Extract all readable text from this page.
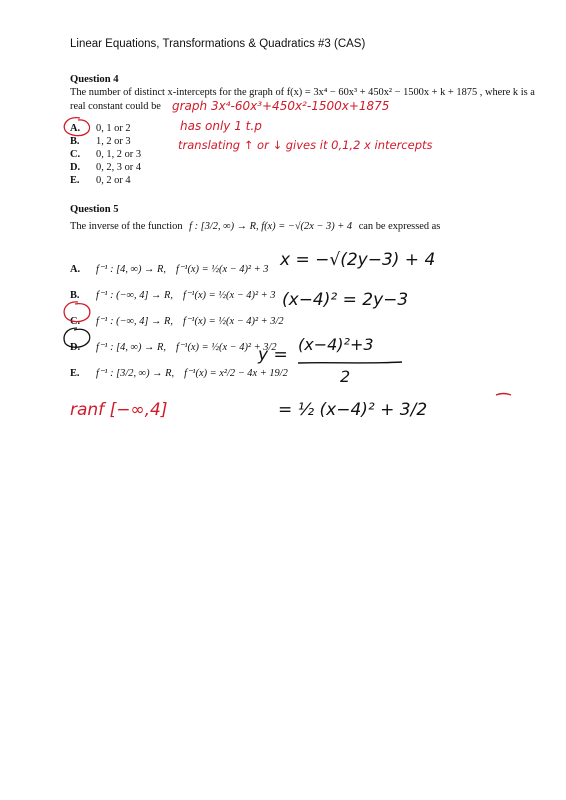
Linear Equations, Transformations & Quadratics #3 (CAS)
Question 4
The number of distinct x-intercepts for the graph of f(x) = 3x⁴ − 60x³ + 450x² − 1500x + k + 1875 , where k is a
real constant could be
A.	0, 1 or 2
B.	1, 2 or 3
C.	0, 1, 2 or 3
D.	0, 2, 3 or 4
E.	0, 2 or 4
graph 3x⁴-60x³+450x²-1500x+1875
has only 1 t.p
translating ↑ or ↓ gives it 0,1,2 x intercepts
Question 5
The inverse of the function f : [3/2, ∞) → R, f(x) = −√(2x − 3) + 4 can be expressed as
A.	f⁻¹ : [4, ∞) → R, f⁻¹(x) = ½(x − 4)² + 3
B.	f⁻¹ : (−∞, 4] → R, f⁻¹(x) = ½(x − 4)² + 3
C.	f⁻¹ : (−∞, 4] → R, f⁻¹(x) = ½(x − 4)² + 3/2
D.	f⁻¹ : [4, ∞) → R, f⁻¹(x) = ½(x − 4)² + 3/2
E.	f⁻¹ : [3/2, ∞) → R, f⁻¹(x) = x²/2 − 4x + 19/2
x = −√(2y−3) + 4
(x−4)² = 2y−3
y =
(x−4)²+3
2
= ½ (x−4)² + 3/2
ranf [−∞,4]
